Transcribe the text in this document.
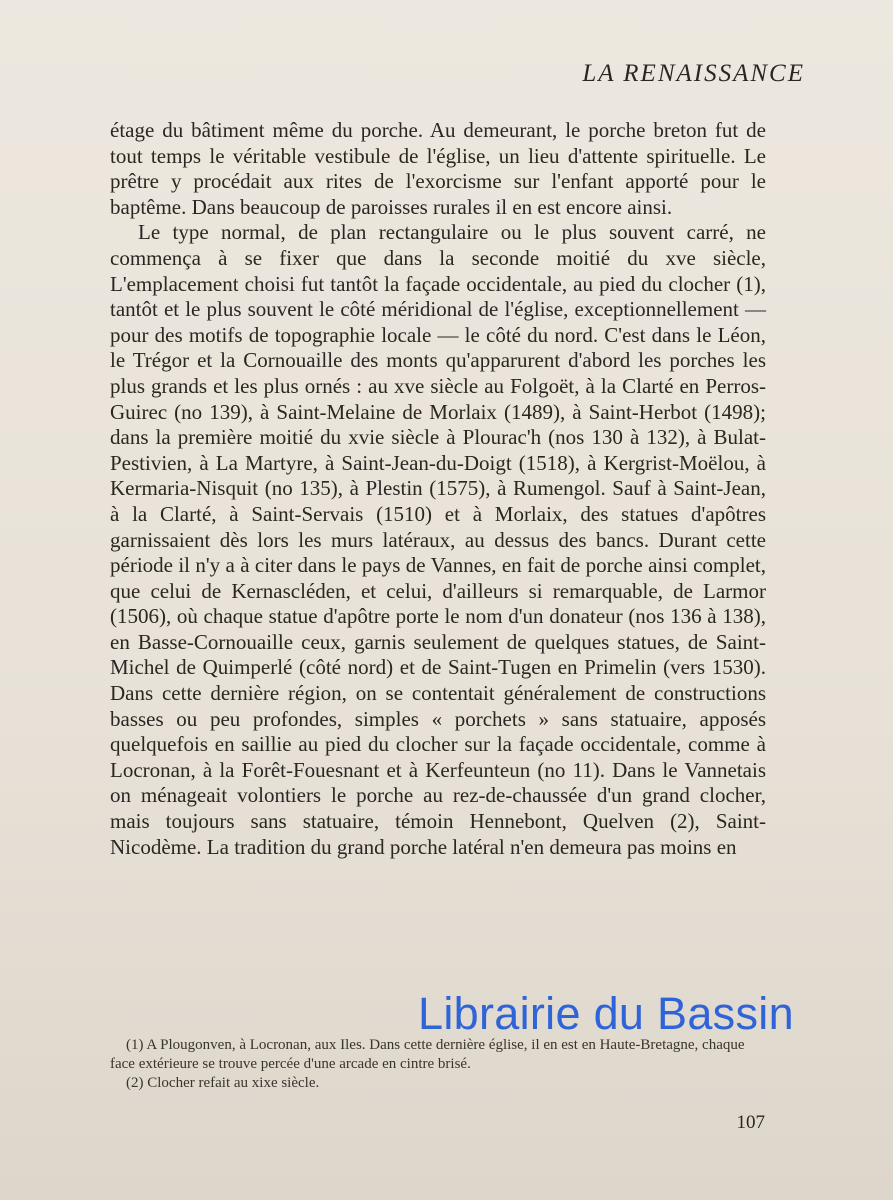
LA RENAISSANCE

étage du bâtiment même du porche. Au demeurant, le porche breton fut de tout temps le véritable vestibule de l'église, un lieu d'attente spirituelle. Le prêtre y procédait aux rites de l'exorcisme sur l'enfant apporté pour le baptême. Dans beaucoup de paroisses rurales il en est encore ainsi.

Le type normal, de plan rectangulaire ou le plus souvent carré, ne commença à se fixer que dans la seconde moitié du xve siècle, L'emplacement choisi fut tantôt la façade occidentale, au pied du clocher (1), tantôt et le plus souvent le côté méridional de l'église, exceptionnellement — pour des motifs de topographie locale — le côté du nord. C'est dans le Léon, le Trégor et la Cornouaille des monts qu'apparurent d'abord les porches les plus grands et les plus ornés : au xve siècle au Folgoët, à la Clarté en Perros-Guirec (no 139), à Saint-Melaine de Morlaix (1489), à Saint-Herbot (1498); dans la première moitié du xvie siècle à Plourac'h (nos 130 à 132), à Bulat-Pestivien, à La Martyre, à Saint-Jean-du-Doigt (1518), à Kergrist-Moëlou, à Kermaria-Nisquit (no 135), à Plestin (1575), à Rumengol. Sauf à Saint-Jean, à la Clarté, à Saint-Servais (1510) et à Morlaix, des statues d'apôtres garnissaient dès lors les murs latéraux, au dessus des bancs. Durant cette période il n'y a à citer dans le pays de Vannes, en fait de porche ainsi complet, que celui de Kernascléden, et celui, d'ailleurs si remarquable, de Larmor (1506), où chaque statue d'apôtre porte le nom d'un donateur (nos 136 à 138), en Basse-Cornouaille ceux, garnis seulement de quelques statues, de Saint-Michel de Quimperlé (côté nord) et de Saint-Tugen en Primelin (vers 1530). Dans cette dernière région, on se contentait généralement de constructions basses ou peu profondes, simples « porchets » sans statuaire, apposés quelquefois en saillie au pied du clocher sur la façade occidentale, comme à Locronan, à la Forêt-Fouesnant et à Kerfeunteun (no 11). Dans le Vannetais on ménageait volontiers le porche au rez-de-chaussée d'un grand clocher, mais toujours sans statuaire, témoin Hennebont, Quelven (2), Saint-Nicodème. La tradition du grand porche latéral n'en demeura pas moins en

(1) A Plougonven, à Locronan, aux Iles. Dans cette dernière église, il en est en Haute-Bretagne, chaque face extérieure se trouve percée d'une arcade en cintre brisé.

(2) Clocher refait au xixe siècle.

107
Librairie du Bassin
